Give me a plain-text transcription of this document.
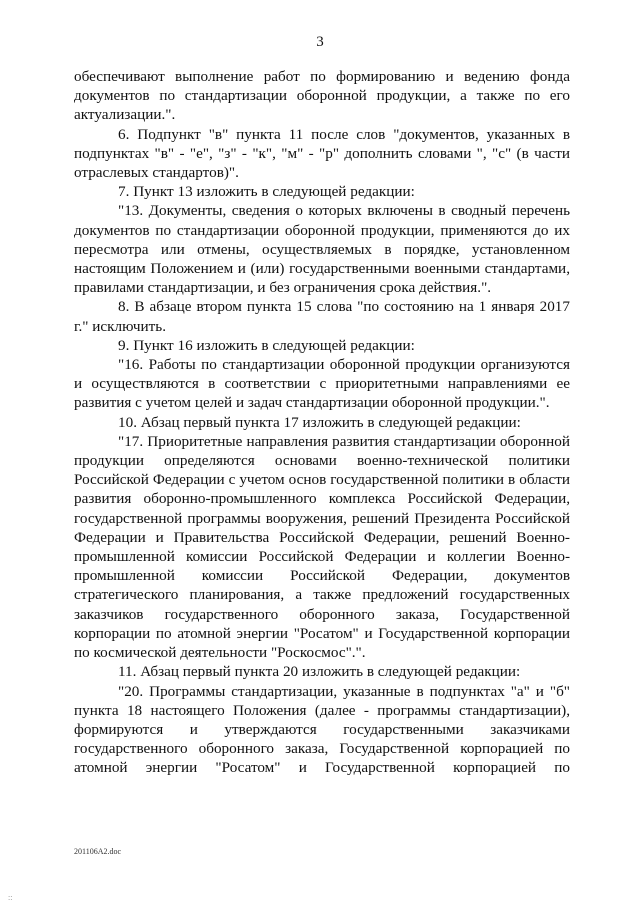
3

обеспечивают выполнение работ по формированию и ведению фонда документов по стандартизации оборонной продукции, а также по его актуализации.".

6. Подпункт "в" пункта 11 после слов "документов, указанных в подпунктах "в" - "е", "з" - "к", "м" - "р" дополнить словами ", "с" (в части отраслевых стандартов)".

7. Пункт 13 изложить в следующей редакции:

"13. Документы, сведения о которых включены в сводный перечень документов по стандартизации оборонной продукции, применяются до их пересмотра или отмены, осуществляемых в порядке, установленном настоящим Положением и (или) государственными военными стандартами, правилами стандартизации, и без ограничения срока действия.".

8. В абзаце втором пункта 15 слова "по состоянию на 1 января 2017 г." исключить.

9. Пункт 16 изложить в следующей редакции:

"16. Работы по стандартизации оборонной продукции организуются и осуществляются в соответствии с приоритетными направлениями ее развития с учетом целей и задач стандартизации оборонной продукции.".

10. Абзац первый пункта 17 изложить в следующей редакции:

"17. Приоритетные направления развития стандартизации оборонной продукции определяются основами военно-технической политики Российской Федерации с учетом основ государственной политики в области развития оборонно-промышленного комплекса Российской Федерации, государственной программы вооружения, решений Президента Российской Федерации и Правительства Российской Федерации, решений Военно-промышленной комиссии Российской Федерации и коллегии Военно-промышленной комиссии Российской Федерации, документов стратегического планирования, а также предложений государственных заказчиков государственного оборонного заказа, Государственной корпорации по атомной энергии "Росатом" и Государственной корпорации по космической деятельности "Роскосмос".".

11. Абзац первый пункта 20 изложить в следующей редакции:

"20. Программы стандартизации, указанные в подпунктах "а" и "б" пункта 18 настоящего Положения (далее - программы стандартизации), формируются и утверждаются государственными заказчиками государственного оборонного заказа, Государственной корпорацией по атомной энергии "Росатом" и Государственной корпорацией по

201106A2.doc
::
